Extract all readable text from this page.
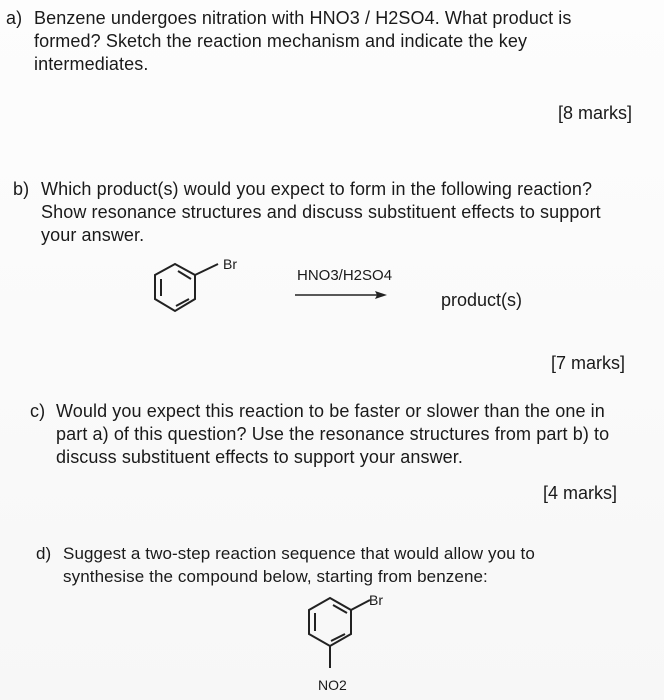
a) Benzene undergoes nitration with HNO3 / H2SO4. What product is
formed? Sketch the reaction mechanism and indicate the key
intermediates.
[8 marks]
b) Which product(s) would you expect to form in the following reaction?
Show resonance structures and discuss substituent effects to support
your answer.
Br
HNO3/H2SO4
product(s)
[7 marks]
c) Would you expect this reaction to be faster or slower than the one in
part a) of this question? Use the resonance structures from part b) to
discuss substituent effects to support your answer.
[4 marks]
d) Suggest a two-step reaction sequence that would allow you to
synthesise the compound below, starting from benzene:
Br
NO2
